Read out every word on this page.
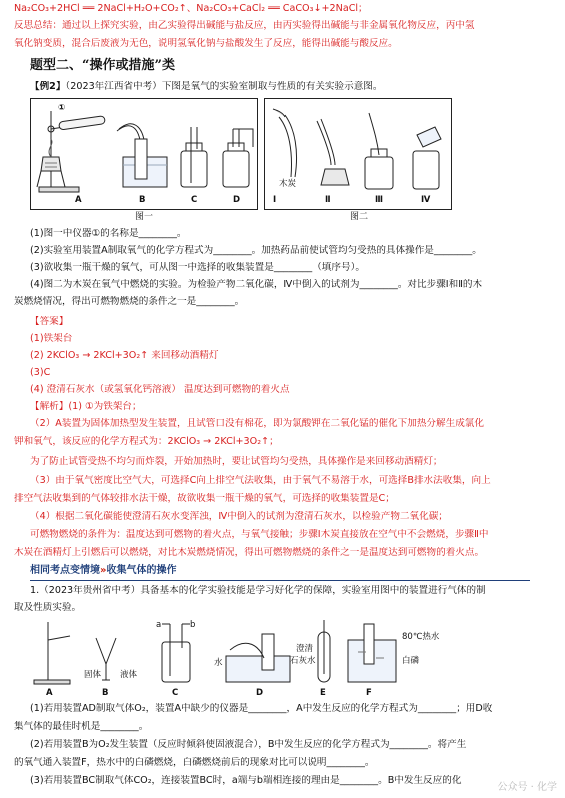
Na₂CO₃+2HCl ══ 2NaCl+H₂O+CO₂↑、Na₂CO₃+CaCl₂ ══ CaCO₃↓+2NaCl；
反思总结：通过以上探究实验，由乙实验得出碱能与盐反应，由丙实验得出碱能与非金属氧化物反应，丙中氢
氧化钠变质，混合后废液为无色，说明氢氧化钠与盐酸发生了反应，能得出碱能与酸反应。
题型二、“操作或措施”类
【例2】（2023年江西省中考）下图是氧气的实验室制取与性质的有关实验示意图。
①
A	B	C	D
图一
木炭
Ⅰ	Ⅱ	Ⅲ	Ⅳ
图二
(1)图一中仪器①的名称是________。
(2)实验室用装置A制取氧气的化学方程式为________。加热药品前使试管均匀受热的具体操作是________。
(3)欲收集一瓶干燥的氧气，可从图一中选择的收集装置是________（填序号）。
(4)图二为木炭在氧气中燃烧的实验。为检验产物二氧化碳，Ⅳ中倒入的试剂为________。对比步骤Ⅰ和Ⅱ的木
炭燃烧情况，得出可燃物燃烧的条件之一是________。
【答案】
(1)铁架台
(2) 2KClO₃ → 2KCl+3O₂↑ 来回移动酒精灯
(3)C
(4) 澄清石灰水（或氢氧化钙溶液） 温度达到可燃物的着火点
【解析】(1) ①为铁架台；
（2）A装置为固体加热型发生装置，且试管口没有棉花，即为氯酸钾在二氧化锰的催化下加热分解生成氯化
钾和氧气，该反应的化学方程式为：2KClO₃ → 2KCl+3O₂↑；
为了防止试管受热不均匀而炸裂，开始加热时，要让试管均匀受热，具体操作是来回移动酒精灯；
（3）由于氧气密度比空气大，可选择C向上排空气法收集，由于氧气不易溶于水，可选择B排水法收集，向上
排空气法收集到的气体较排水法干燥，故欲收集一瓶干燥的氧气，可选择的收集装置是C；
（4）根据二氧化碳能使澄清石灰水变浑浊，Ⅳ中倒入的试剂为澄清石灰水，以检验产物二氧化碳；
可燃物燃烧的条件为：温度达到可燃物的着火点，与氧气接触；步骤Ⅰ木炭直接放在空气中不会燃烧，步骤Ⅱ中
木炭在酒精灯上引燃后可以燃烧，对比木炭燃烧情况，得出可燃物燃烧的条件之一是温度达到可燃物的着火点。
相同考点变情境»收集气体的操作
1.（2023年贵州省中考）具备基本的化学实验技能是学习好化学的保障，实验室用图中的装置进行气体的制
取及性质实验。
A	B	C	D	E	F
固体 液体
a	b
水
澄清
石灰水
80℃热水
白磷
(1)若用装置AD制取气体O₂，装置A中缺少的仪器是________，A中发生反应的化学方程式为________；用D收
集气体的最佳时机是________。
(2)若用装置B为O₂发生装置（反应时倾斜使固液混合），B中发生反应的化学方程式为________。将产生
的氧气通入装置F，热水中的白磷燃烧，白磷燃烧前后的现象对比可以说明________。
(3)若用装置BC制取气体CO₂，连接装置BC时，a端与b端相连接的理由是________。B中发生反应的化
公众号 · 化学
